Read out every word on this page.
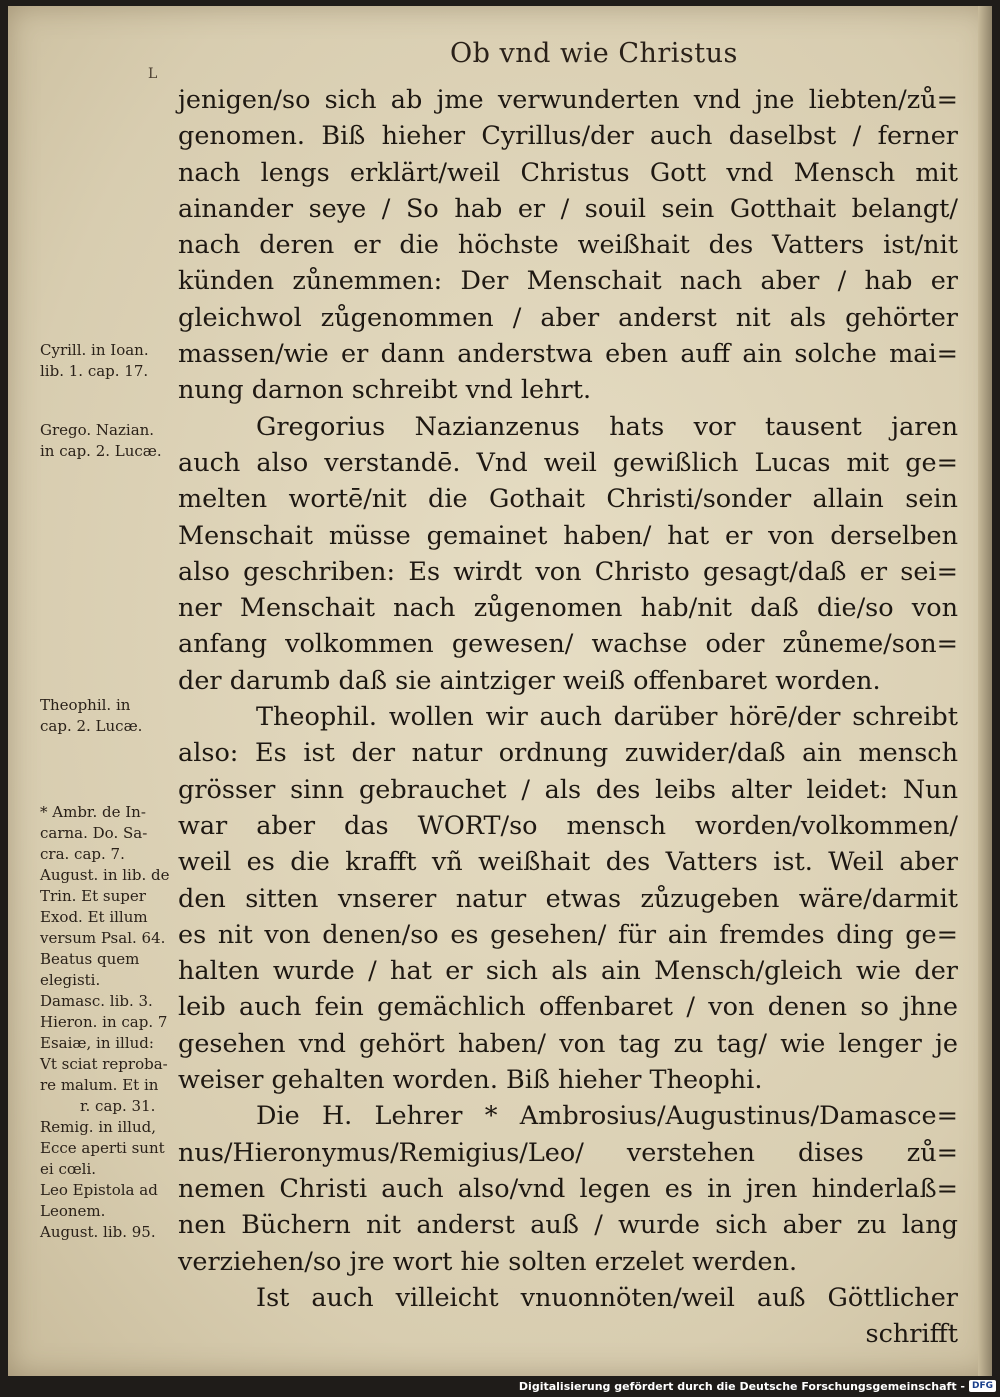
Ob vnd wie Christus
L
jenigen/so sich ab jme verwunderten vnd jne liebten/zů=
genomen. Biß hieher Cyrillus/der auch daselbst / ferner
nach lengs erklärt/weil Christus Gott vnd Mensch mit
ainander seye / So hab er / souil sein Gotthait belangt/
nach deren er die höchste weißhait des Vatters ist/nit
künden zůnemmen: Der Menschait nach aber / hab er
gleichwol zůgenommen / aber anderst nit als gehörter
massen/wie er dann anderstwa eben auff ain solche mai=
nung darnon schreibt vnd lehrt.
Gregorius Nazianzenus hats vor tausent jaren
auch also verstandē. Vnd weil gewißlich Lucas mit ge=
melten wortē/nit die Gothait Christi/sonder allain sein
Menschait müsse gemainet haben/ hat er von derselben
also geschriben: Es wirdt von Christo gesagt/daß er sei=
ner Menschait nach zůgenomen hab/nit daß die/so von
anfang volkommen gewesen/ wachse oder zůneme/son=
der darumb daß sie aintziger weiß offenbaret worden.
Theophil. wollen wir auch darüber hörē/der schreibt
also: Es ist der natur ordnung zuwider/daß ain mensch
grösser sinn gebrauchet / als des leibs alter leidet: Nun
war aber das WORT/so mensch worden/volkommen/
weil es die krafft vñ weißhait des Vatters ist. Weil aber
den sitten vnserer natur etwas zůzugeben wäre/darmit
es nit von denen/so es gesehen/ für ain fremdes ding ge=
halten wurde / hat er sich als ain Mensch/gleich wie der
leib auch fein gemächlich offenbaret / von denen so jhne
gesehen vnd gehört haben/ von tag zu tag/ wie lenger je
weiser gehalten worden. Biß hieher Theophi.
Die H. Lehrer * Ambrosius/Augustinus/Damasce=
nus/Hieronymus/Remigius/Leo/ verstehen dises zů=
nemen Christi auch also/vnd legen es in jren hinderlaß=
nen Büchern nit anderst auß / wurde sich aber zu lang
verziehen/so jre wort hie solten erzelet werden.
Ist auch villeicht vnuonnöten/weil auß Göttlicher
schrifft
Cyrill. in Ioan.
lib. 1. cap. 17.
Grego. Nazian.
in cap. 2. Lucæ.
Theophil. in
cap. 2. Lucæ.
* Ambr. de In-
carna. Do. Sa-
cra. cap. 7.
August. in lib. de
Trin. Et super
Exod. Et illum
versum Psal. 64.
Beatus quem
elegisti.
Damasc. lib. 3.
Hieron. in cap. 7
Esaiæ, in illud:
Vt sciat reproba-
re malum. Et in
r. cap. 31.
Remig. in illud,
Ecce aperti sunt
ei cœli.
Leo Epistola ad
Leonem.
August. lib. 95.
Digitalisierung gefördert durch die Deutsche Forschungsgemeinschaft - DFG
